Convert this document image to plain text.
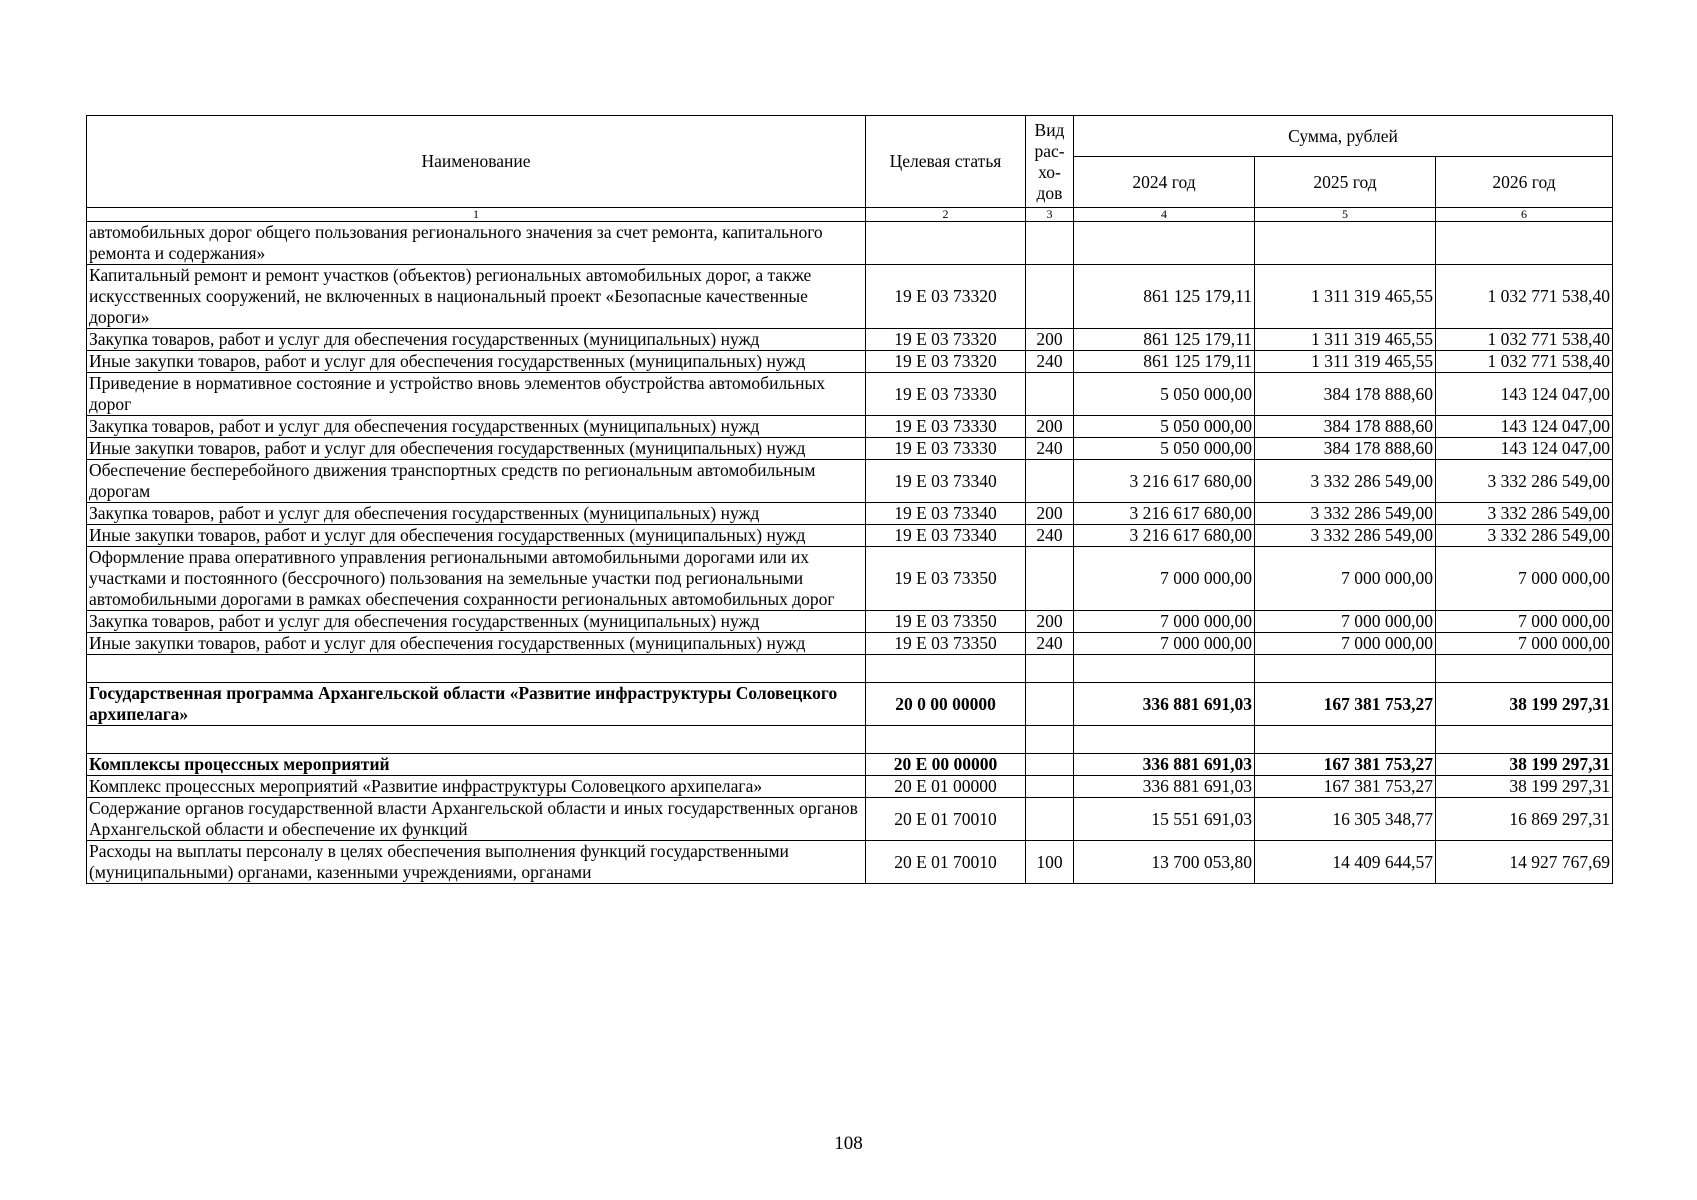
Наименование	Целевая статья	Вид рас-хо-дов	Сумма, рублей		
			2024 год	2025 год	2026 год
1	2	3	4	5	6
автомобильных дорог общего пользования регионального значения за счет ремонта, капитального ремонта и содержания»					
Капитальный ремонт и ремонт участков (объектов) региональных автомобильных дорог, а также искусственных сооружений, не включенных в национальный проект «Безопасные качественные дороги»	19 Е 03 73320		861 125 179,11	1 311 319 465,55	1 032 771 538,40
Закупка товаров, работ и услуг для обеспечения государственных (муниципальных) нужд	19 Е 03 73320	200	861 125 179,11	1 311 319 465,55	1 032 771 538,40
Иные закупки товаров, работ и услуг для обеспечения государственных (муниципальных) нужд	19 Е 03 73320	240	861 125 179,11	1 311 319 465,55	1 032 771 538,40
Приведение в нормативное состояние и устройство вновь элементов обустройства автомобильных дорог	19 Е 03 73330		5 050 000,00	384 178 888,60	143 124 047,00
Закупка товаров, работ и услуг для обеспечения государственных (муниципальных) нужд	19 Е 03 73330	200	5 050 000,00	384 178 888,60	143 124 047,00
Иные закупки товаров, работ и услуг для обеспечения государственных (муниципальных) нужд	19 Е 03 73330	240	5 050 000,00	384 178 888,60	143 124 047,00
Обеспечение бесперебойного движения транспортных средств по региональным автомобильным дорогам	19 Е 03 73340		3 216 617 680,00	3 332 286 549,00	3 332 286 549,00
Закупка товаров, работ и услуг для обеспечения государственных (муниципальных) нужд	19 Е 03 73340	200	3 216 617 680,00	3 332 286 549,00	3 332 286 549,00
Иные закупки товаров, работ и услуг для обеспечения государственных (муниципальных) нужд	19 Е 03 73340	240	3 216 617 680,00	3 332 286 549,00	3 332 286 549,00
Оформление права оперативного управления региональными автомобильными дорогами или их участками и постоянного (бессрочного) пользования на земельные участки под региональными автомобильными дорогами в рамках обеспечения сохранности региональных автомобильных дорог	19 Е 03 73350		7 000 000,00	7 000 000,00	7 000 000,00
Закупка товаров, работ и услуг для обеспечения государственных (муниципальных) нужд	19 Е 03 73350	200	7 000 000,00	7 000 000,00	7 000 000,00
Иные закупки товаров, работ и услуг для обеспечения государственных (муниципальных) нужд	19 Е 03 73350	240	7 000 000,00	7 000 000,00	7 000 000,00

Государственная программа Архангельской области «Развитие инфраструктуры Соловецкого архипелага»	20 0 00 00000		336 881 691,03	167 381 753,27	38 199 297,31

Комплексы процессных мероприятий	20 Е 00 00000		336 881 691,03	167 381 753,27	38 199 297,31
Комплекс процессных мероприятий «Развитие инфраструктуры Соловецкого архипелага»	20 Е 01 00000		336 881 691,03	167 381 753,27	38 199 297,31
Содержание органов государственной власти Архангельской области и иных государственных органов Архангельской области и обеспечение их функций	20 Е 01 70010		15 551 691,03	16 305 348,77	16 869 297,31
Расходы на выплаты персоналу в целях обеспечения выполнения функций государственными (муниципальными) органами, казенными учреждениями, органами	20 Е 01 70010	100	13 700 053,80	14 409 644,57	14 927 767,69
108
